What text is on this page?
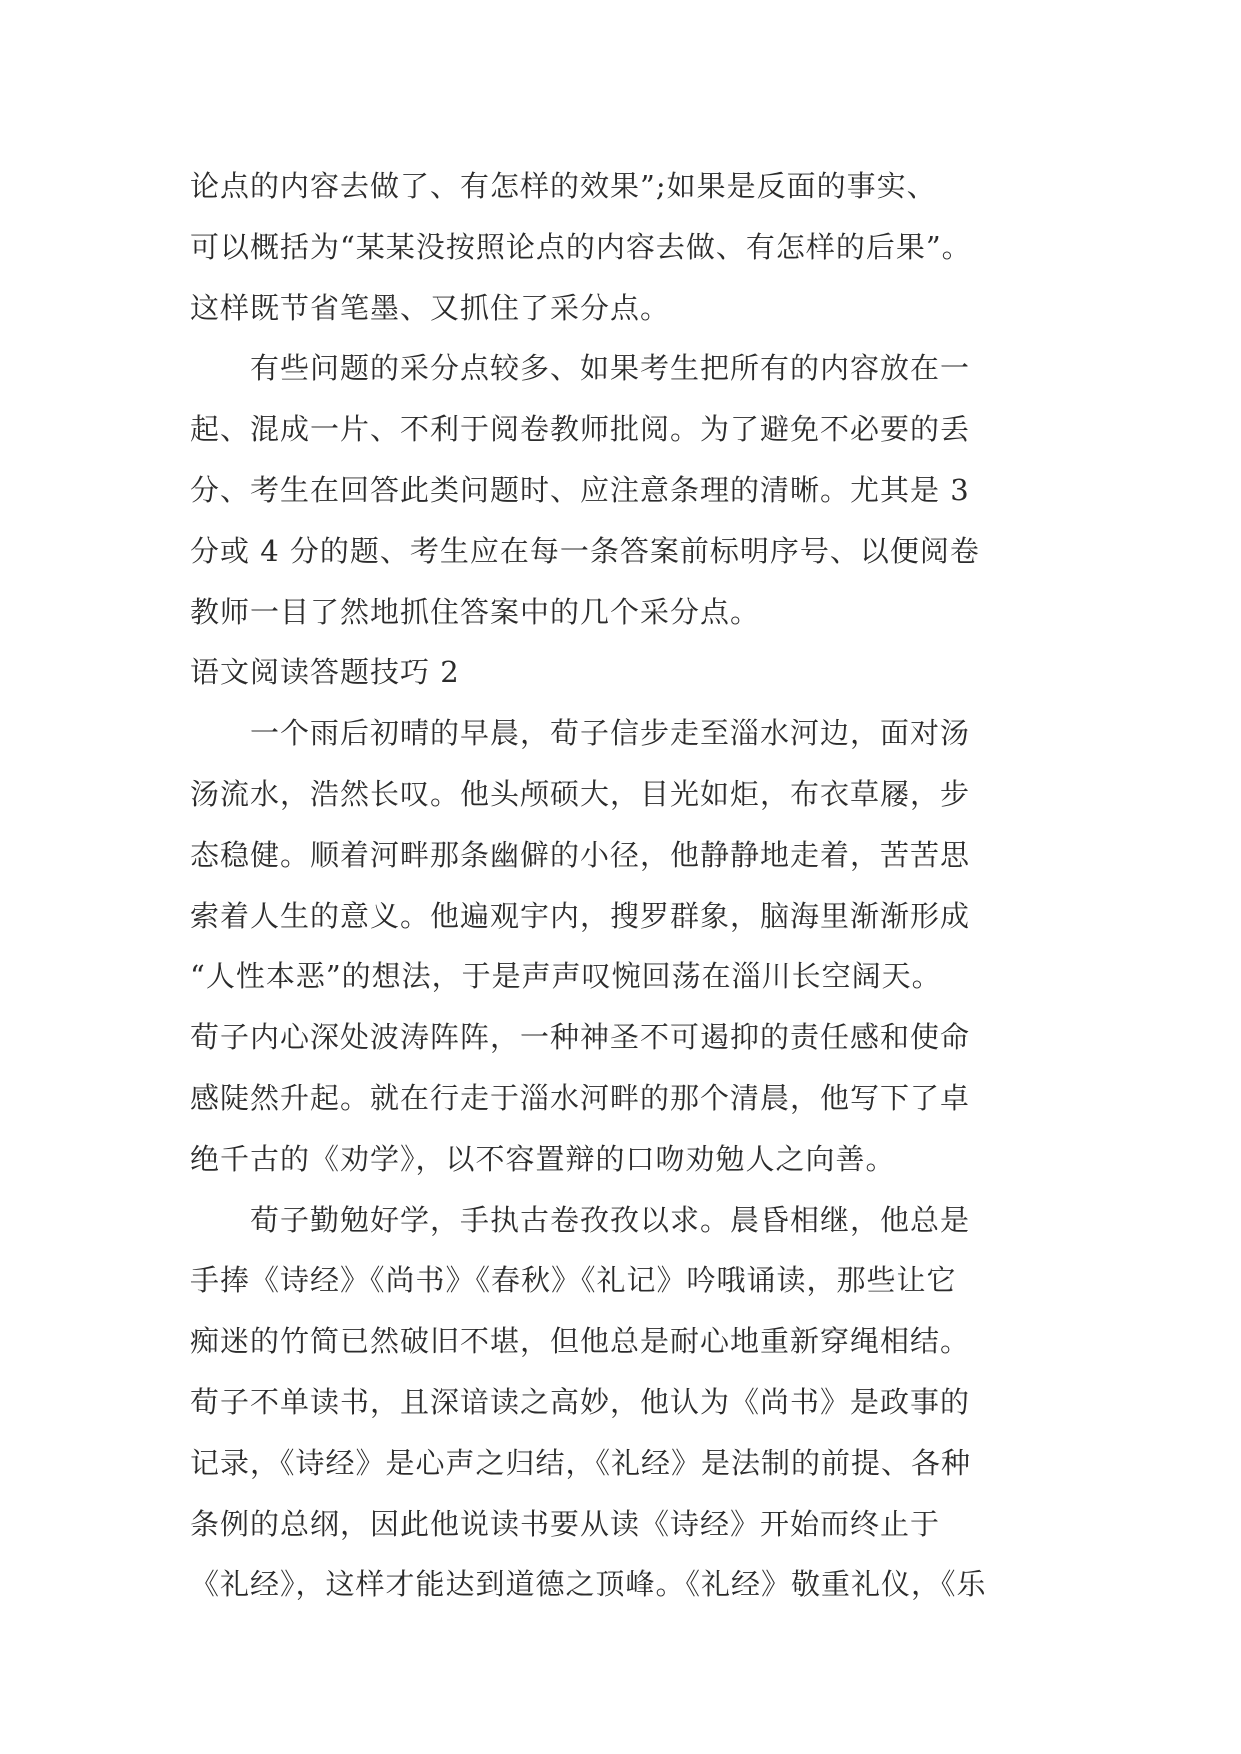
论点的内容去做了、有怎样的效果”;如果是反面的事实、
可以概括为“某某没按照论点的内容去做、有怎样的后果”。
这样既节省笔墨、又抓住了采分点。
　　有些问题的采分点较多、如果考生把所有的内容放在一
起、混成一片、不利于阅卷教师批阅。为了避免不必要的丢
分、考生在回答此类问题时、应注意条理的清晰。尤其是 3
分或 4 分的题、考生应在每一条答案前标明序号、以便阅卷
教师一目了然地抓住答案中的几个采分点。
语文阅读答题技巧 2
　　一个雨后初晴的早晨，荀子信步走至淄水河边，面对汤
汤流水，浩然长叹。他头颅硕大，目光如炬，布衣草屦，步
态稳健。顺着河畔那条幽僻的小径，他静静地走着，苦苦思
索着人生的意义。他遍观宇内，搜罗群象，脑海里渐渐形成
“人性本恶”的想法，于是声声叹惋回荡在淄川长空阔天。
荀子内心深处波涛阵阵，一种神圣不可遏抑的责任感和使命
感陡然升起。就在行走于淄水河畔的那个清晨，他写下了卓
绝千古的《劝学》，以不容置辩的口吻劝勉人之向善。
　　荀子勤勉好学，手执古卷孜孜以求。晨昏相继，他总是
手捧《诗经》《尚书》《春秋》《礼记》吟哦诵读，那些让它
痴迷的竹简已然破旧不堪，但他总是耐心地重新穿绳相结。
荀子不单读书，且深谙读之高妙，他认为《尚书》是政事的
记录，《诗经》是心声之归结，《礼经》是法制的前提、各种
条例的总纲，因此他说读书要从读《诗经》开始而终止于
《礼经》，这样才能达到道德之顶峰。《礼经》敬重礼仪，《乐
